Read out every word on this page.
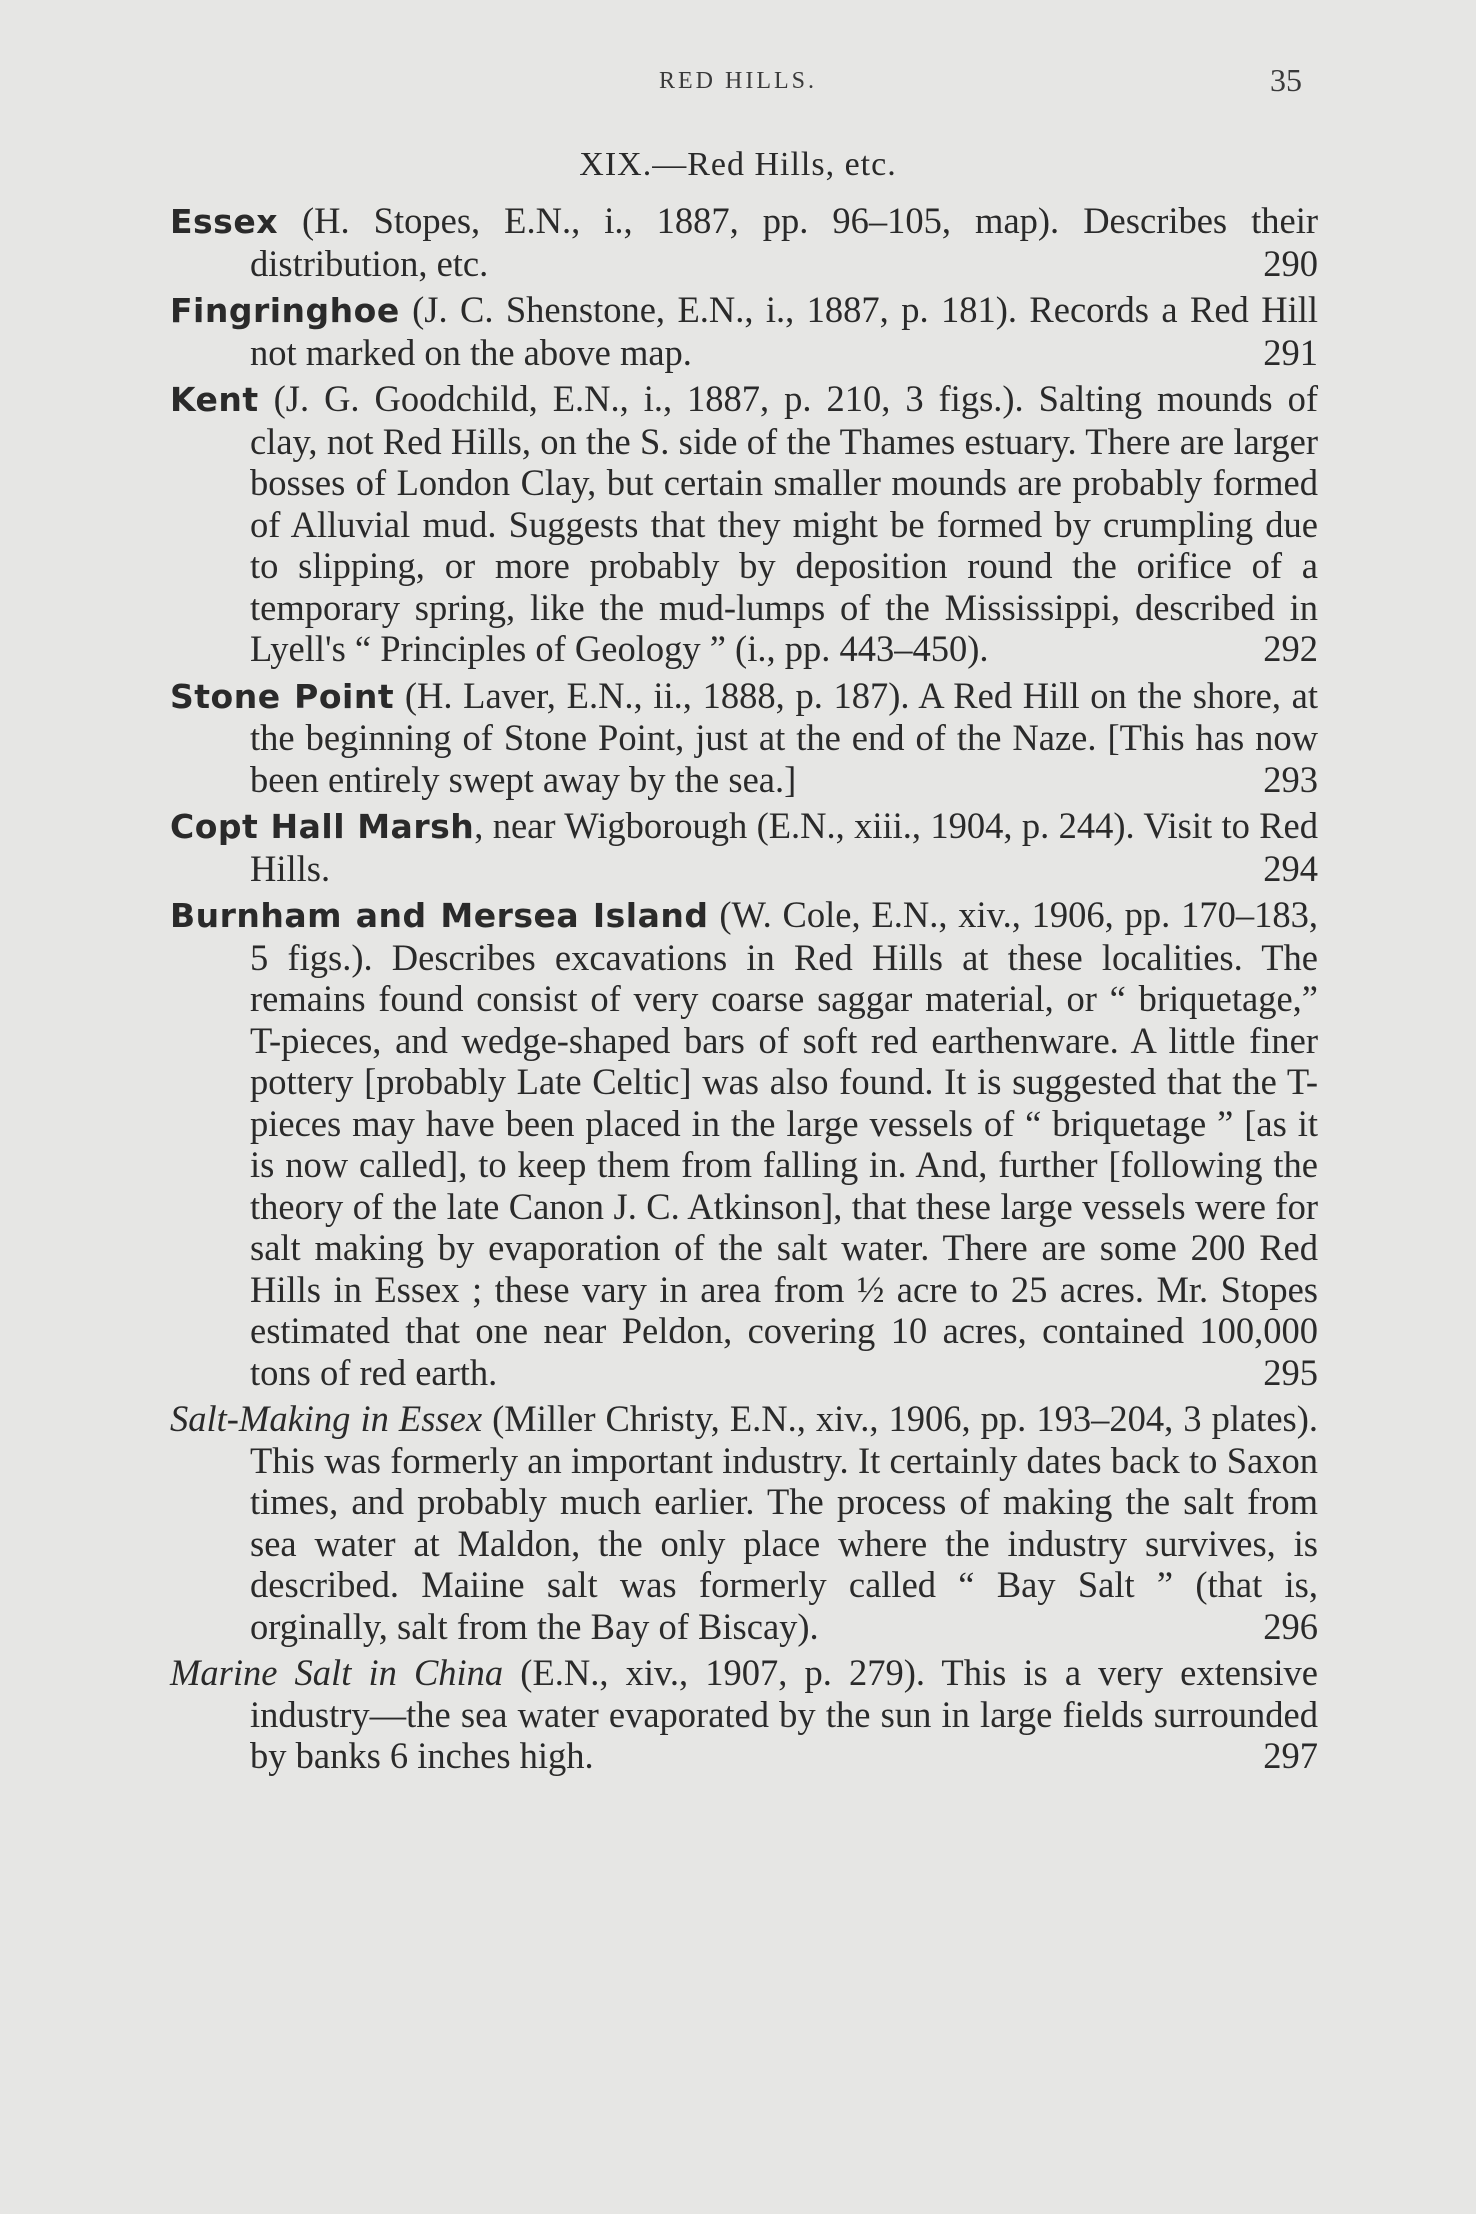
RED HILLS.	35
XIX.—Red Hills, etc.

Essex (H. Stopes, E.N., i., 1887, pp. 96–105, map). Describes their distribution, etc.	290

Fingringhoe (J. C. Shenstone, E.N., i., 1887, p. 181). Records a Red Hill not marked on the above map.	291

Kent (J. G. Goodchild, E.N., i., 1887, p. 210, 3 figs.). Salting mounds of clay, not Red Hills, on the S. side of the Thames estuary. There are larger bosses of London Clay, but certain smaller mounds are probably formed of Alluvial mud. Suggests that they might be formed by crumpling due to slipping, or more probably by deposition round the orifice of a temporary spring, like the mud-lumps of the Mississippi, described in Lyell's “ Principles of Geology ” (i., pp. 443–450).	292

Stone Point (H. Laver, E.N., ii., 1888, p. 187). A Red Hill on the shore, at the beginning of Stone Point, just at the end of the Naze. [This has now been entirely swept away by the sea.]	293

Copt Hall Marsh, near Wigborough (E.N., xiii., 1904, p. 244). Visit to Red Hills.	294

Burnham and Mersea Island (W. Cole, E.N., xiv., 1906, pp. 170–183, 5 figs.). Describes excavations in Red Hills at these localities. The remains found consist of very coarse saggar material, or “ briquetage,” T-pieces, and wedge-shaped bars of soft red earthenware. A little finer pottery [probably Late Celtic] was also found. It is suggested that the T-pieces may have been placed in the large vessels of “ briquetage ” [as it is now called], to keep them from falling in. And, further [following the theory of the late Canon J. C. Atkinson], that these large vessels were for salt making by evaporation of the salt water. There are some 200 Red Hills in Essex ; these vary in area from ½ acre to 25 acres. Mr. Stopes estimated that one near Peldon, covering 10 acres, contained 100,000 tons of red earth.	295

Salt-Making in Essex (Miller Christy, E.N., xiv., 1906, pp. 193–204, 3 plates). This was formerly an important industry. It certainly dates back to Saxon times, and probably much earlier. The process of making the salt from sea water at Maldon, the only place where the industry survives, is described. Maiine salt was formerly called “ Bay Salt ” (that is, orginally, salt from the Bay of Biscay).	296

Marine Salt in China (E.N., xiv., 1907, p. 279). This is a very extensive industry—the sea water evaporated by the sun in large fields surrounded by banks 6 inches high.	297
